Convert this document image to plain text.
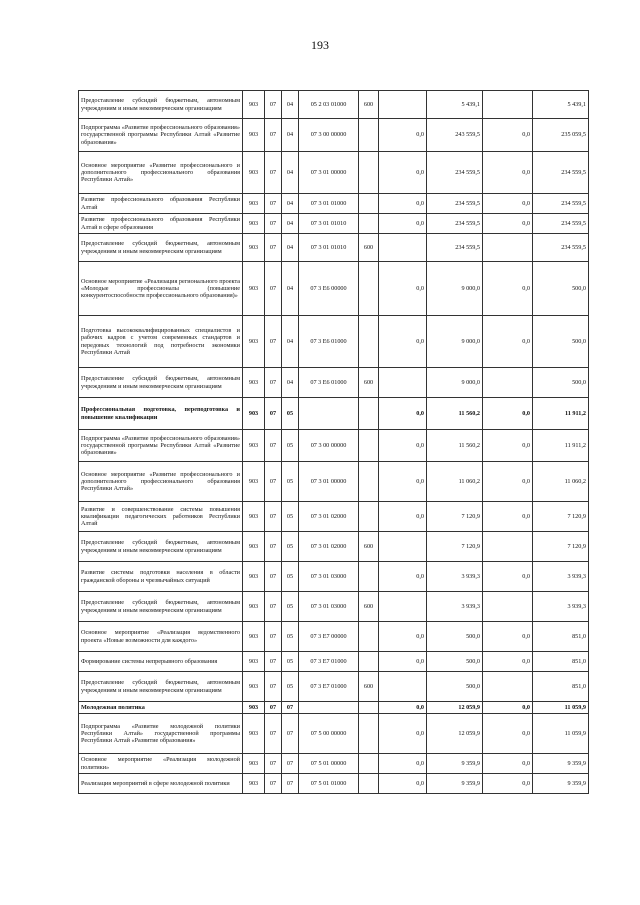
193
Предоставление субсидий бюджетным, автономным учреждениям и иным некоммерческим организациям	903	07	04	05 2 03 01000	600		5 439,1		5 439,1
Подпрограмма «Развитие профессионального образования» государственной программы Республики Алтай «Развитие образования»	903	07	04	07 3 00 00000		0,0	243 559,5	0,0	235 059,5
Основное мероприятие «Развитие профессионального и дополнительного профессионального образования Республики Алтай»	903	07	04	07 3 01 00000		0,0	234 559,5	0,0	234 559,5
Развитие профессионального образования Республики Алтай	903	07	04	07 3 01 01000		0,0	234 559,5	0,0	234 559,5
Развитие профессионального образования Республики Алтай в сфере образования	903	07	04	07 3 01 01010		0,0	234 559,5	0,0	234 559,5
Предоставление субсидий бюджетным, автономным учреждениям и иным некоммерческим организациям	903	07	04	07 3 01 01010	600		234 559,5		234 559,5
Основное мероприятие «Реализация регионального проекта «Молодые профессионалы (повышение конкурентоспособности профессионального образования)»	903	07	04	07 3 E6 00000		0,0	9 000,0	0,0	500,0
Подготовка высококвалифицированных специалистов и рабочих кадров с учетом современных стандартов и передовых технологий под потребности экономики Республики Алтай	903	07	04	07 3 E6 01000		0,0	9 000,0	0,0	500,0
Предоставление субсидий бюджетным, автономным учреждениям и иным некоммерческим организациям	903	07	04	07 3 E6 01000	600		9 000,0		500,0
Профессиональная подготовка, переподготовка и повышение квалификации	903	07	05			0,0	11 560,2	0,0	11 911,2
Подпрограмма «Развитие профессионального образования» государственной программы Республики Алтай «Развитие образования»	903	07	05	07 3 00 00000		0,0	11 560,2	0,0	11 911,2
Основное мероприятие «Развитие профессионального и дополнительного профессионального образования Республики Алтай»	903	07	05	07 3 01 00000		0,0	11 060,2	0,0	11 060,2
Развитие и совершенствование системы повышения квалификации педагогических работников Республики Алтай	903	07	05	07 3 01 02000		0,0	7 120,9	0,0	7 120,9
Предоставление субсидий бюджетным, автономным учреждениям и иным некоммерческим организациям	903	07	05	07 3 01 02000	600		7 120,9		7 120,9
Развитие системы подготовки населения в области гражданской обороны и чрезвычайных ситуаций	903	07	05	07 3 01 03000		0,0	3 939,3	0,0	3 939,3
Предоставление субсидий бюджетным, автономным учреждениям и иным некоммерческим организациям	903	07	05	07 3 01 03000	600		3 939,3		3 939,3
Основное мероприятие «Реализация ведомственного проекта «Новые возможности для каждого»	903	07	05	07 3 E7 00000		0,0	500,0	0,0	851,0
Формирование системы непрерывного образования	903	07	05	07 3 E7 01000		0,0	500,0	0,0	851,0
Предоставление субсидий бюджетным, автономным учреждениям и иным некоммерческим организациям	903	07	05	07 3 E7 01000	600		500,0		851,0
Молодежная политика	903	07	07			0,0	12 059,9	0,0	11 059,9
Подпрограмма «Развитие молодежной политики Республики Алтай» государственной программы Республики Алтай «Развитие образования»	903	07	07	07 5 00 00000		0,0	12 059,9	0,0	11 059,9
Основное мероприятие «Реализация молодежной политики»	903	07	07	07 5 01 00000		0,0	9 359,9	0,0	9 359,9
Реализация мероприятий в сфере молодежной политики	903	07	07	07 5 01 01000		0,0	9 359,9	0,0	9 359,9
